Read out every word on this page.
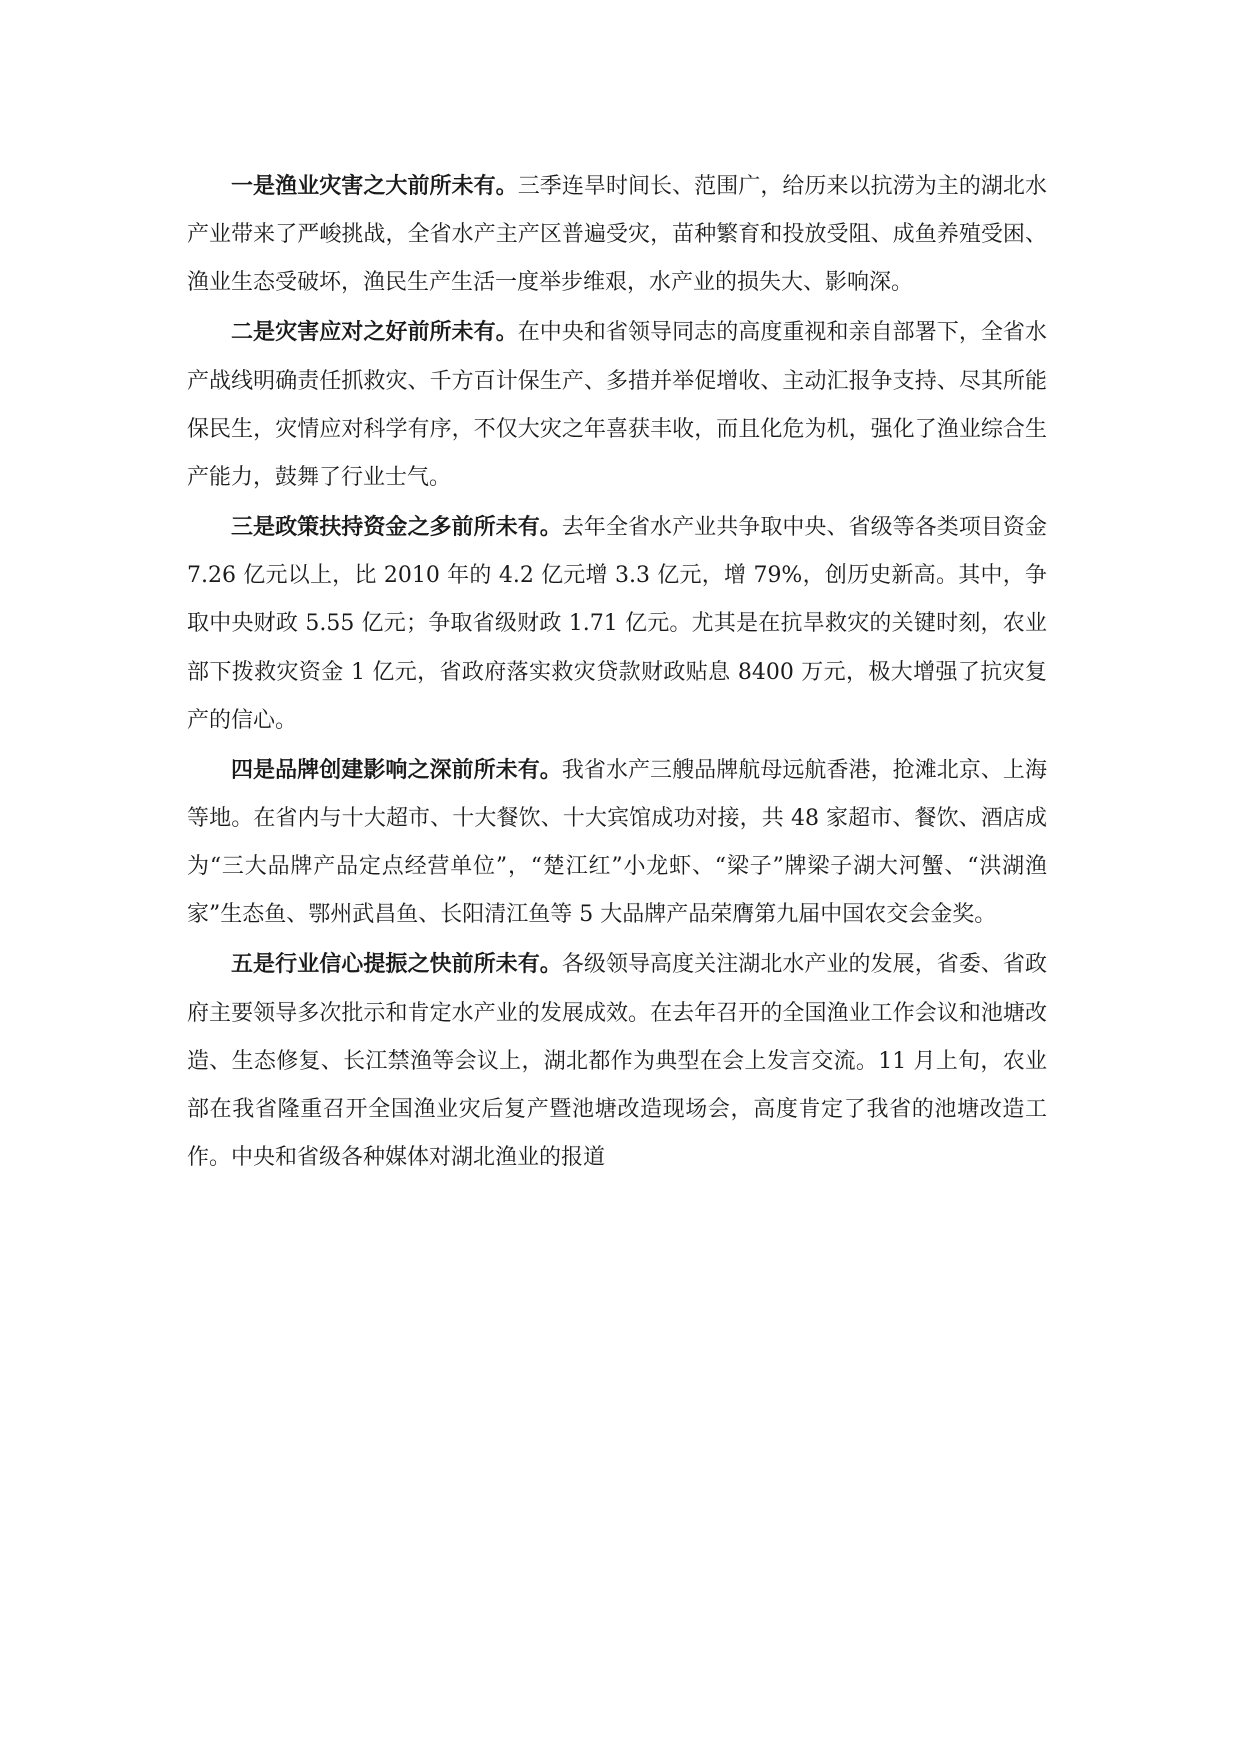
一是渔业灾害之大前所未有。三季连旱时间长、范围广，给历来以抗涝为主的湖北水产业带来了严峻挑战，全省水产主产区普遍受灾，苗种繁育和投放受阻、成鱼养殖受困、渔业生态受破坏，渔民生产生活一度举步维艰，水产业的损失大、影响深。

二是灾害应对之好前所未有。在中央和省领导同志的高度重视和亲自部署下，全省水产战线明确责任抓救灾、千方百计保生产、多措并举促增收、主动汇报争支持、尽其所能保民生，灾情应对科学有序，不仅大灾之年喜获丰收，而且化危为机，强化了渔业综合生产能力，鼓舞了行业士气。

三是政策扶持资金之多前所未有。去年全省水产业共争取中央、省级等各类项目资金 7.26 亿元以上，比 2010 年的 4.2 亿元增 3.3 亿元，增 79%，创历史新高。其中，争取中央财政 5.55 亿元；争取省级财政 1.71 亿元。尤其是在抗旱救灾的关键时刻，农业部下拨救灾资金 1 亿元，省政府落实救灾贷款财政贴息 8400 万元，极大增强了抗灾复产的信心。

四是品牌创建影响之深前所未有。我省水产三艘品牌航母远航香港，抢滩北京、上海等地。在省内与十大超市、十大餐饮、十大宾馆成功对接，共 48 家超市、餐饮、酒店成为“三大品牌产品定点经营单位”，“楚江红”小龙虾、“梁子”牌梁子湖大河蟹、“洪湖渔家”生态鱼、鄂州武昌鱼、长阳清江鱼等 5 大品牌产品荣膺第九届中国农交会金奖。

五是行业信心提振之快前所未有。各级领导高度关注湖北水产业的发展，省委、省政府主要领导多次批示和肯定水产业的发展成效。在去年召开的全国渔业工作会议和池塘改造、生态修复、长江禁渔等会议上，湖北都作为典型在会上发言交流。11 月上旬，农业部在我省隆重召开全国渔业灾后复产暨池塘改造现场会，高度肯定了我省的池塘改造工作。中央和省级各种媒体对湖北渔业的报道
